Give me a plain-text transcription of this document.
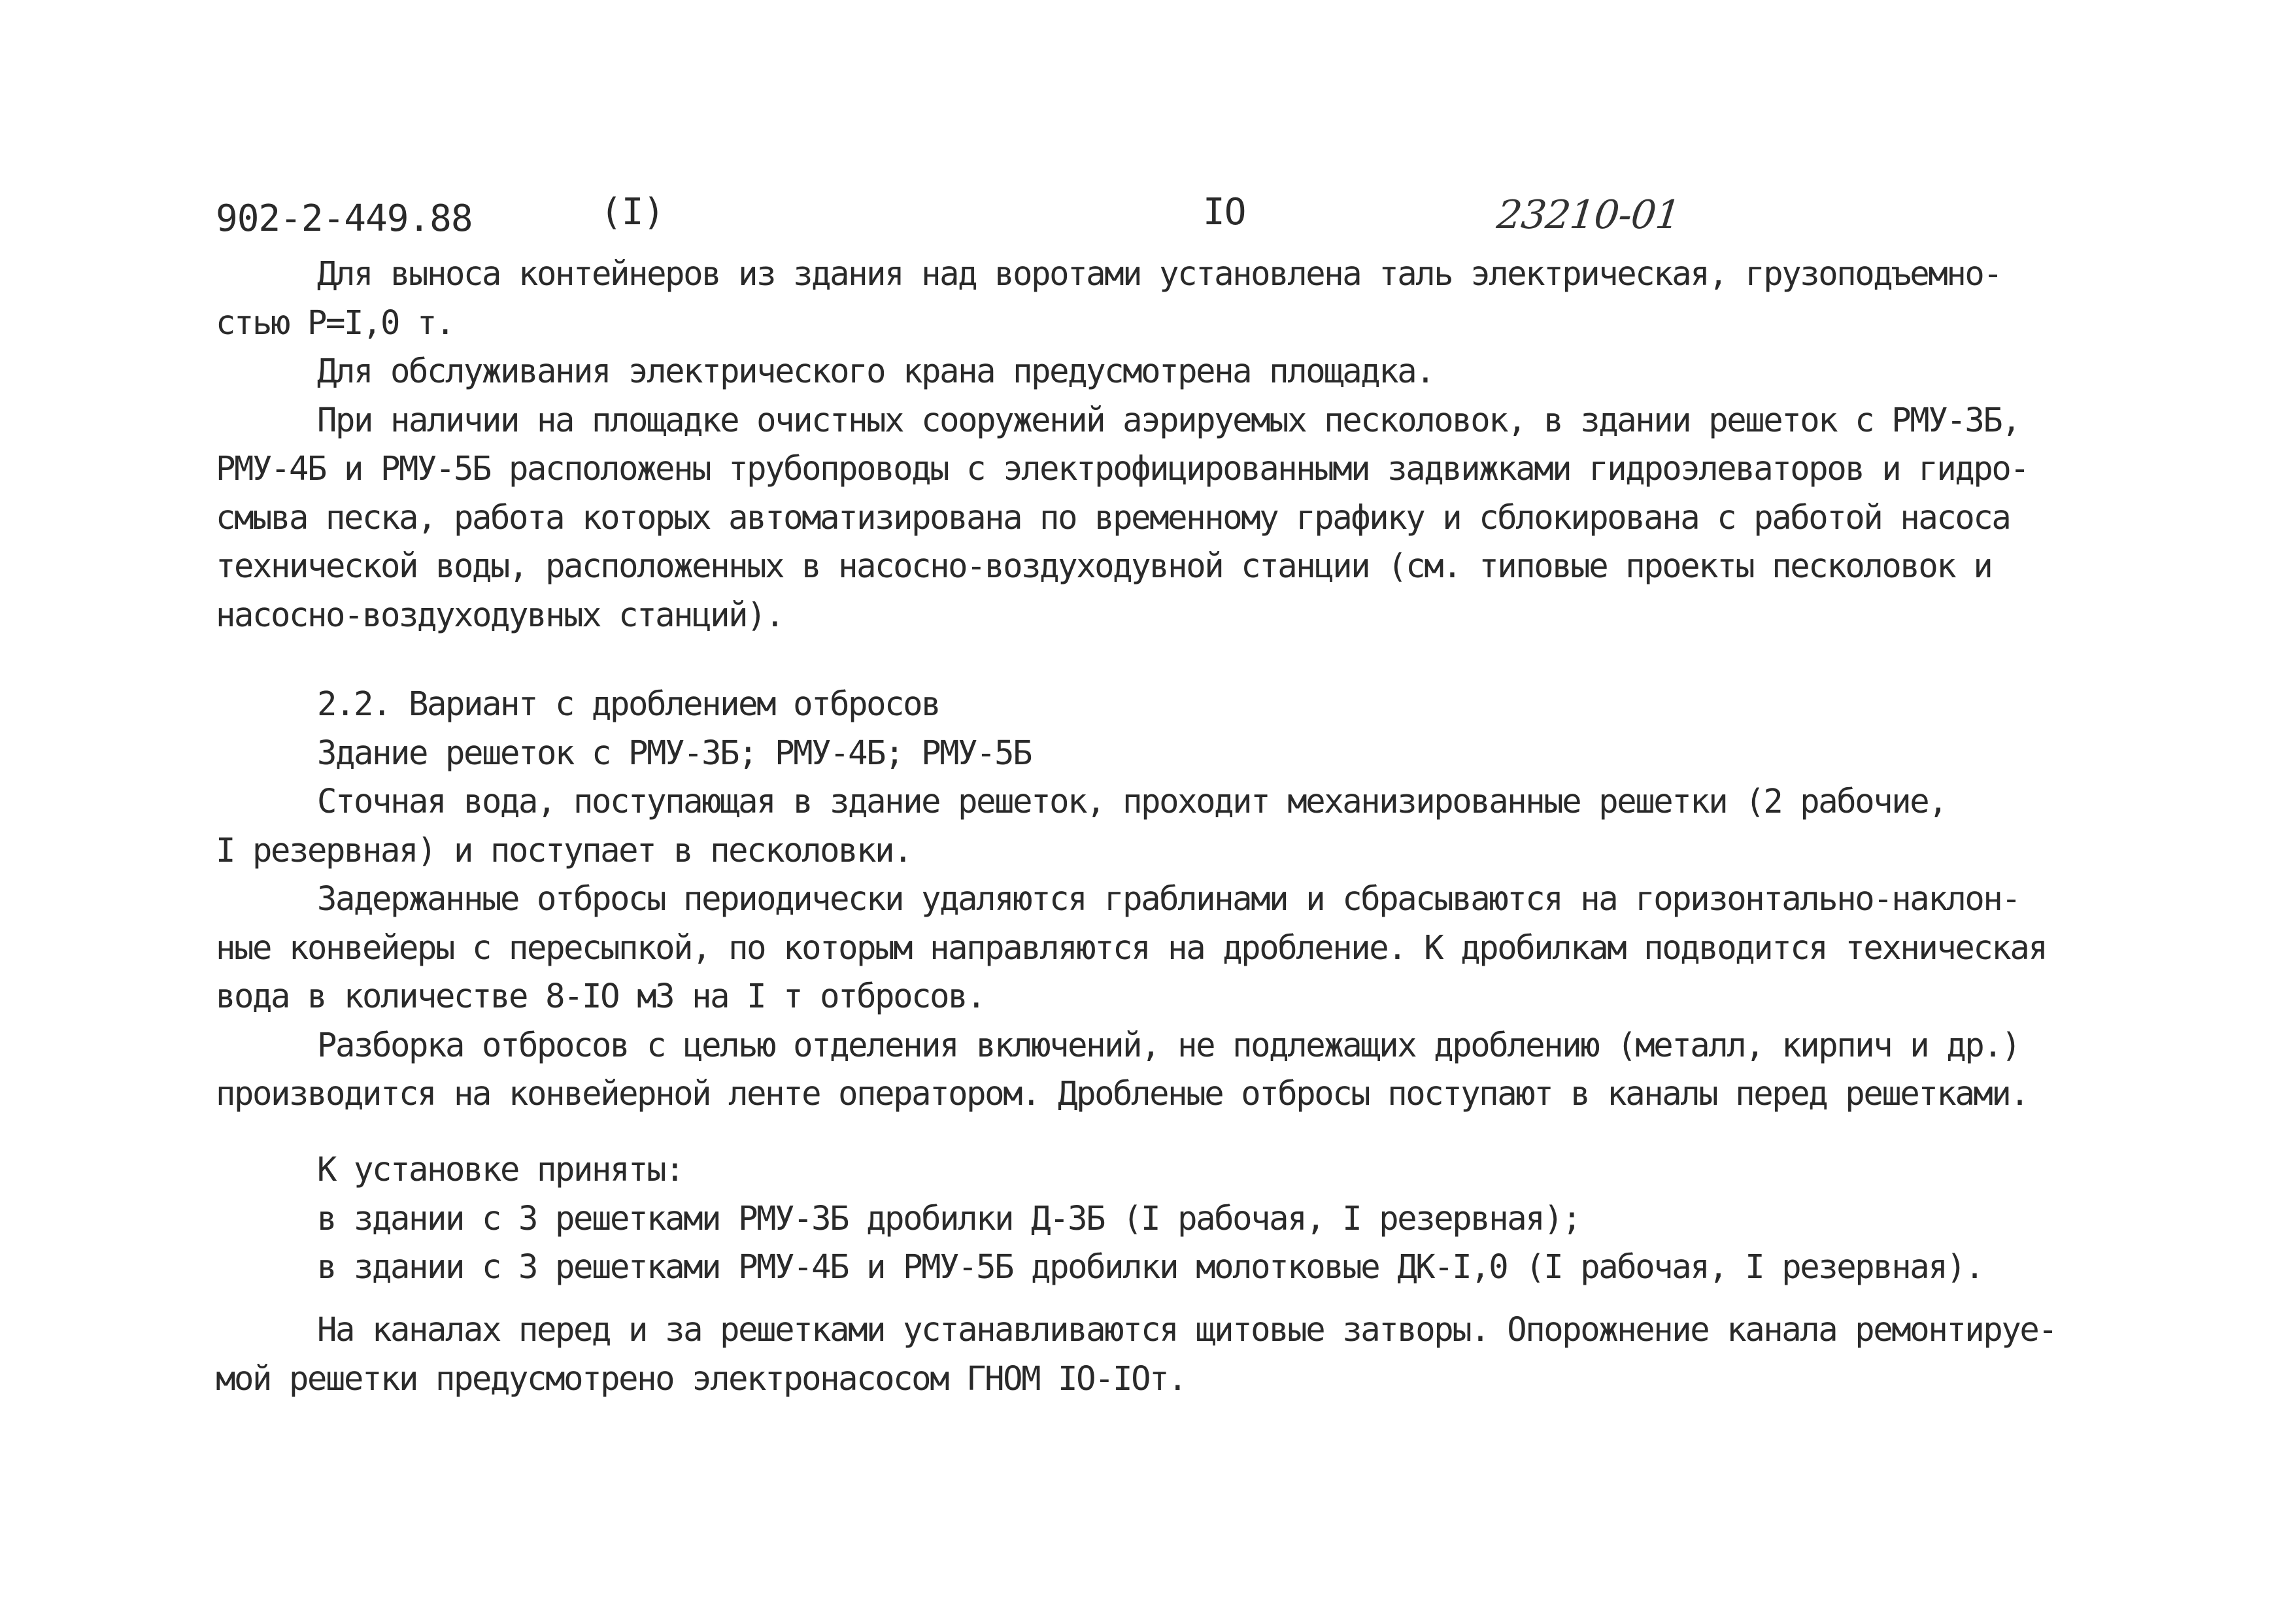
902-2-449.88	(I)	IO	23210-01
Для выноса контейнеров из здания над воротами установлена таль электрическая, грузоподъемно-
стью P=I,0 т.
Для обслуживания электрического крана предусмотрена площадка.
При наличии на площадке очистных сооружений аэрируемых песколовок, в здании решеток с РМУ-3Б,
РМУ-4Б и РМУ-5Б расположены трубопроводы с электрофицированными задвижками гидроэлеваторов и гидро-
смыва песка, работа которых автоматизирована по временному графику и сблокирована с работой насоса
технической воды, расположенных в насосно-воздуходувной станции (см. типовые проекты песколовок и
насосно-воздуходувных станций).
2.2. Вариант с дроблением отбросов
Здание решеток с РМУ-3Б; РМУ-4Б; РМУ-5Б
Сточная вода, поступающая в здание решеток, проходит механизированные решетки (2 рабочие,
I резервная) и поступает в песколовки.
Задержанные отбросы периодически удаляются граблинами и сбрасываются на горизонтально-наклон-
ные конвейеры с пересыпкой, по которым направляются на дробление. К дробилкам подводится техническая
вода в количестве 8-IO м3 на I т отбросов.
Разборка отбросов с целью отделения включений, не подлежащих дроблению (металл, кирпич и др.)
производится на конвейерной ленте оператором. Дробленые отбросы поступают в каналы перед решетками.
К установке приняты:
в здании с 3 решетками РМУ-3Б дробилки Д-3Б (I рабочая, I резервная);
в здании с 3 решетками РМУ-4Б и РМУ-5Б дробилки молотковые ДК-I,0 (I рабочая, I резервная).
На каналах перед и за решетками устанавливаются щитовые затворы. Опорожнение канала ремонтируе-
мой решетки предусмотрено электронасосом ГНОМ IO-IOт.
